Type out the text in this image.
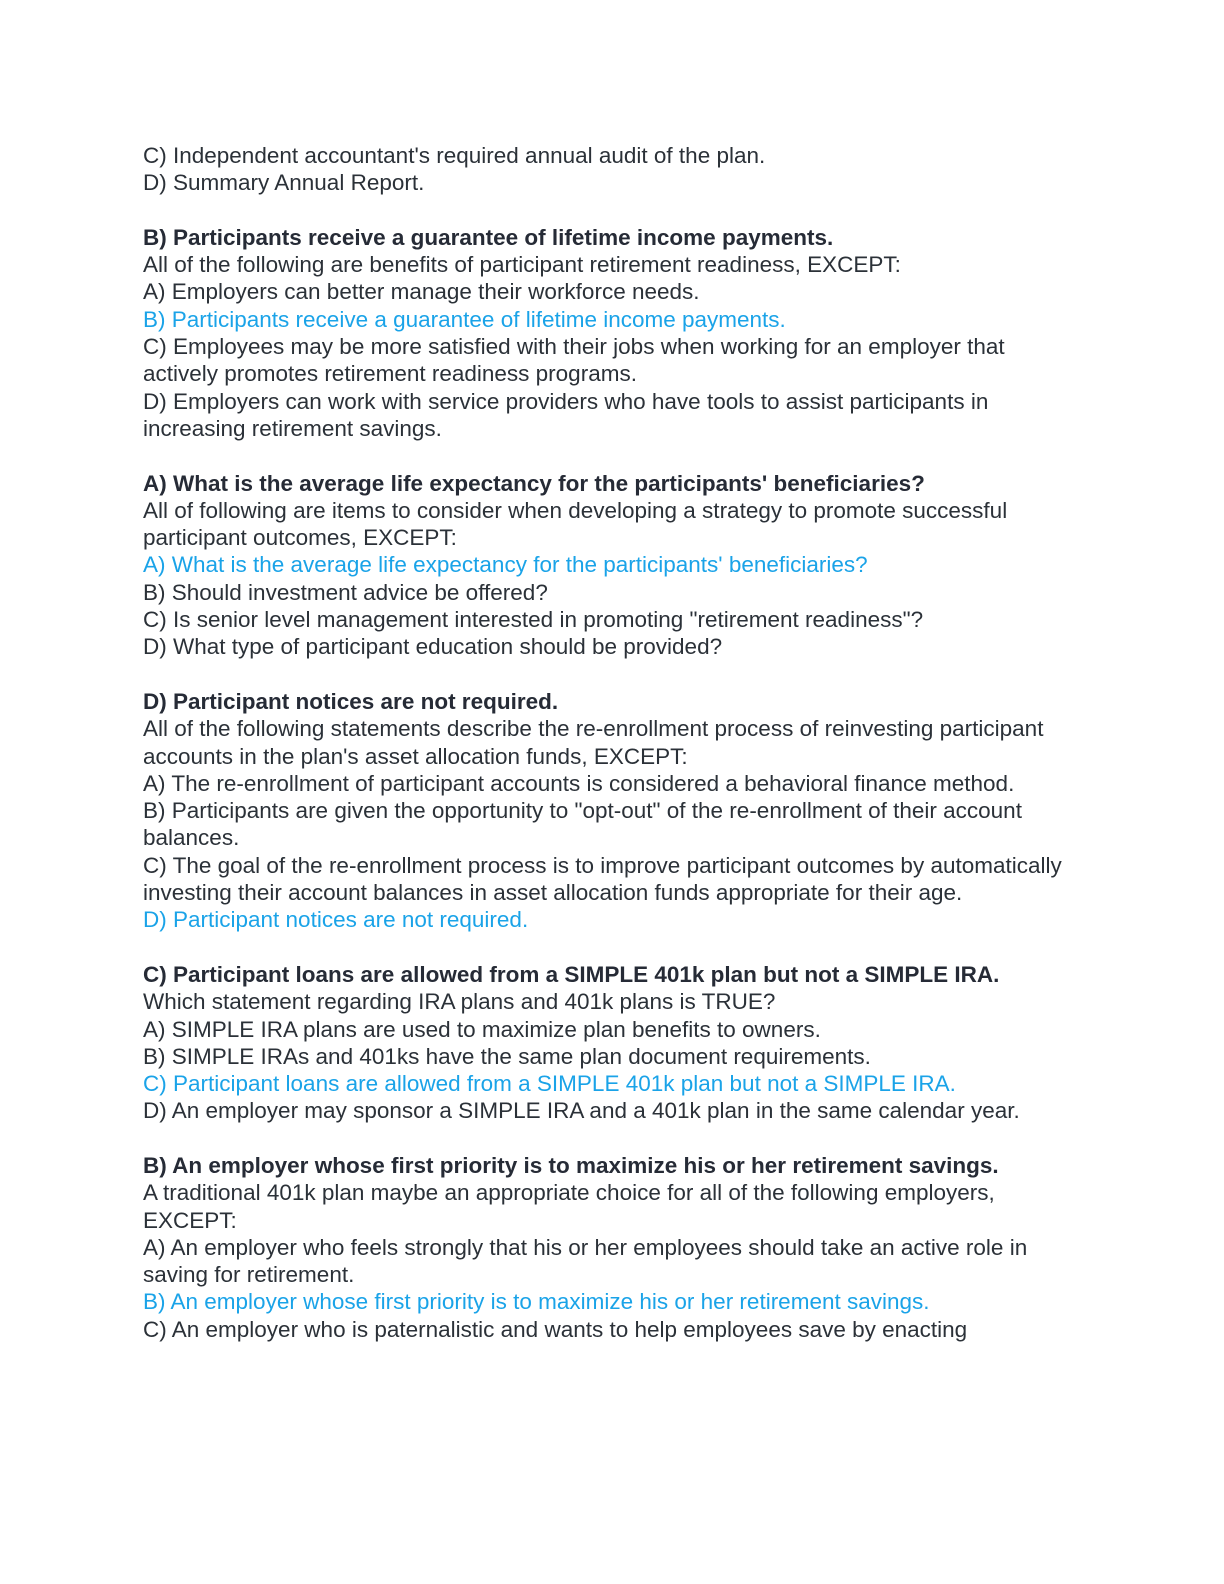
C) Independent accountant's required annual audit of the plan.

D) Summary Annual Report.

B) Participants receive a guarantee of lifetime income payments.

All of the following are benefits of participant retirement readiness, EXCEPT:

A) Employers can better manage their workforce needs.

B) Participants receive a guarantee of lifetime income payments.

C) Employees may be more satisfied with their jobs when working for an employer that actively promotes retirement readiness programs.

D) Employers can work with service providers who have tools to assist participants in increasing retirement savings.

A) What is the average life expectancy for the participants' beneficiaries?

All of following are items to consider when developing a strategy to promote successful participant outcomes, EXCEPT:

A) What is the average life expectancy for the participants' beneficiaries?

B) Should investment advice be offered?

C) Is senior level management interested in promoting "retirement readiness"?

D) What type of participant education should be provided?

D) Participant notices are not required.

All of the following statements describe the re-enrollment process of reinvesting participant accounts in the plan's asset allocation funds, EXCEPT:

A) The re-enrollment of participant accounts is considered a behavioral finance method.

B) Participants are given the opportunity to "opt-out" of the re-enrollment of their account balances.

C) The goal of the re-enrollment process is to improve participant outcomes by automatically investing their account balances in asset allocation funds appropriate for their age.

D) Participant notices are not required.

C) Participant loans are allowed from a SIMPLE 401k plan but not a SIMPLE IRA.

Which statement regarding IRA plans and 401k plans is TRUE?

A) SIMPLE IRA plans are used to maximize plan benefits to owners.

B) SIMPLE IRAs and 401ks have the same plan document requirements.

C) Participant loans are allowed from a SIMPLE 401k plan but not a SIMPLE IRA.

D) An employer may sponsor a SIMPLE IRA and a 401k plan in the same calendar year.

B) An employer whose first priority is to maximize his or her retirement savings.

A traditional 401k plan maybe an appropriate choice for all of the following employers, EXCEPT:

A) An employer who feels strongly that his or her employees should take an active role in saving for retirement.

B) An employer whose first priority is to maximize his or her retirement savings.

C) An employer who is paternalistic and wants to help employees save by enacting
